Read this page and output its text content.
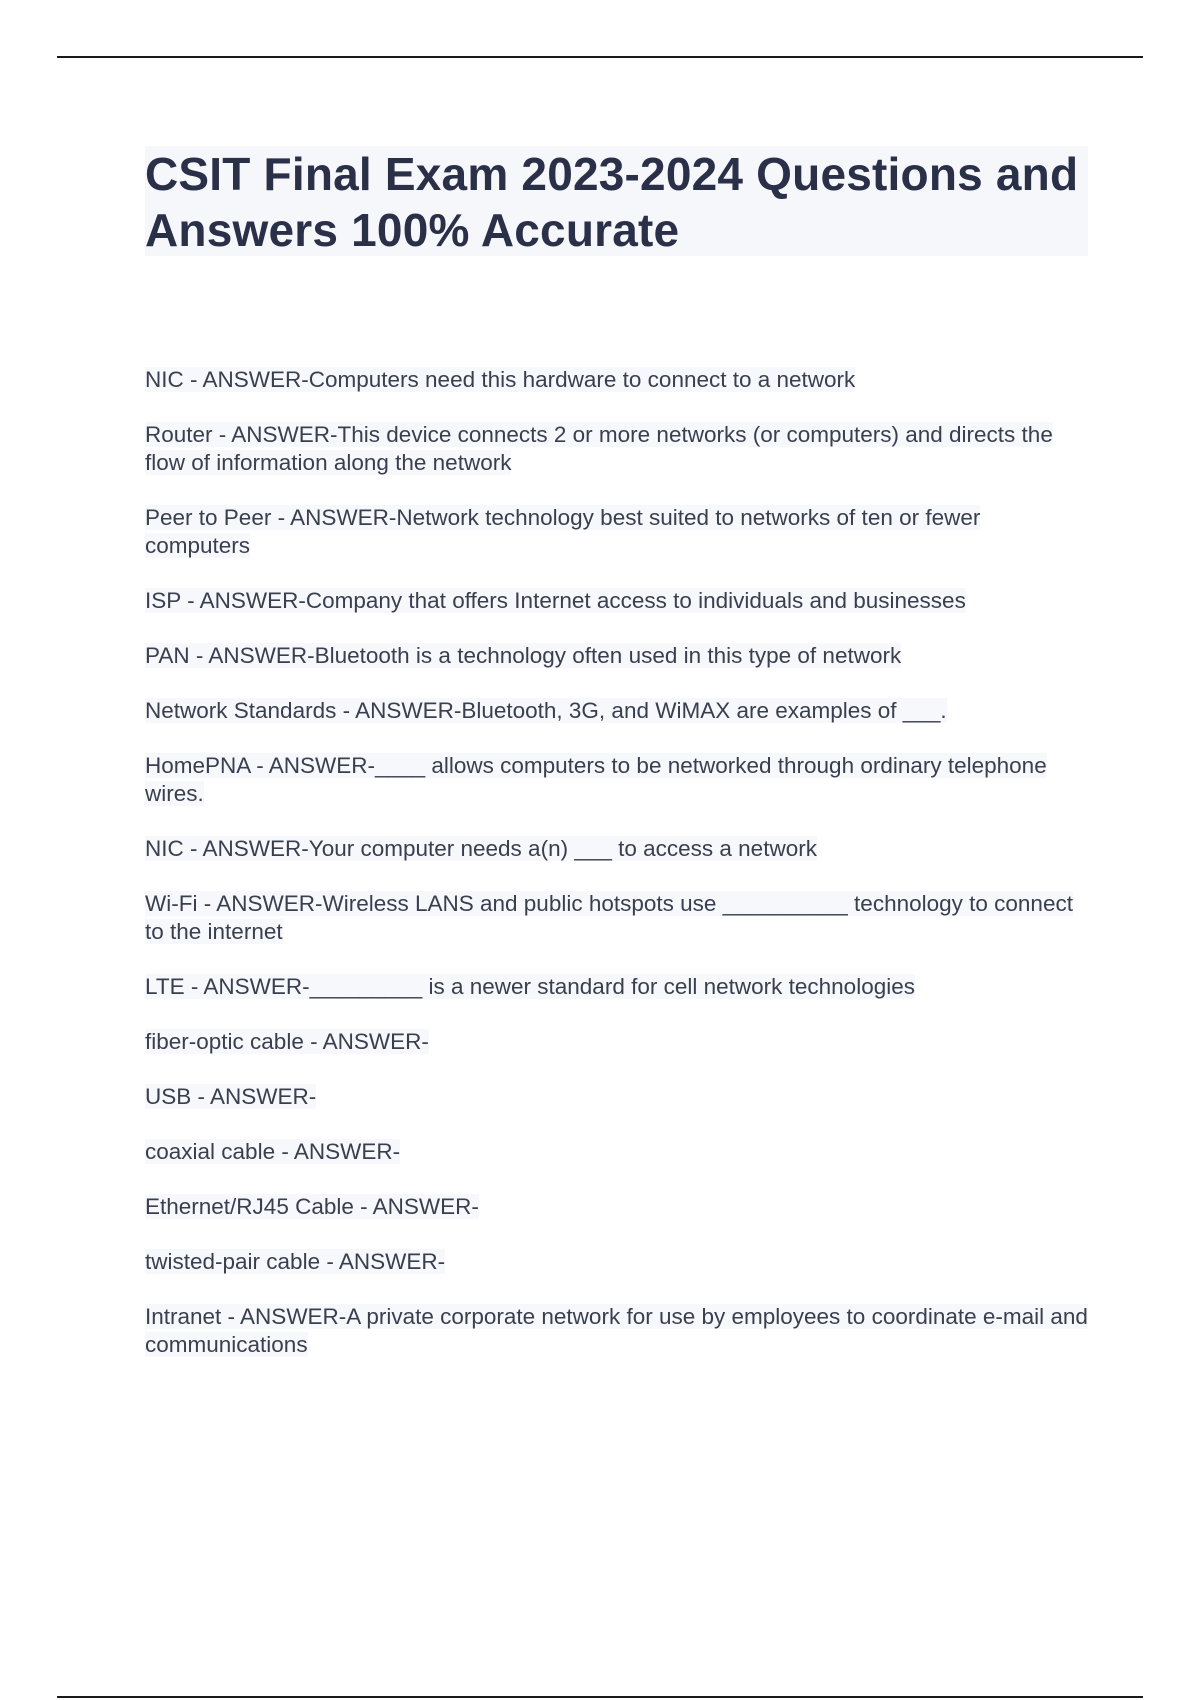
CSIT Final Exam 2023-2024 Questions and Answers 100% Accurate
NIC - ANSWER-Computers need this hardware to connect to a network
Router - ANSWER-This device connects 2 or more networks (or computers) and directs the flow of information along the network
Peer to Peer - ANSWER-Network technology best suited to networks of ten or fewer computers
ISP - ANSWER-Company that offers Internet access to individuals and businesses
PAN - ANSWER-Bluetooth is a technology often used in this type of network
Network Standards - ANSWER-Bluetooth, 3G, and WiMAX are examples of ___.
HomePNA - ANSWER-____ allows computers to be networked through ordinary telephone wires.
NIC - ANSWER-Your computer needs a(n) ___ to access a network
Wi-Fi - ANSWER-Wireless LANS and public hotspots use __________ technology to connect to the internet
LTE - ANSWER-_________ is a newer standard for cell network technologies
fiber-optic cable - ANSWER-
USB - ANSWER-
coaxial cable - ANSWER-
Ethernet/RJ45 Cable - ANSWER-
twisted-pair cable - ANSWER-
Intranet - ANSWER-A private corporate network for use by employees to coordinate e-mail and communications
